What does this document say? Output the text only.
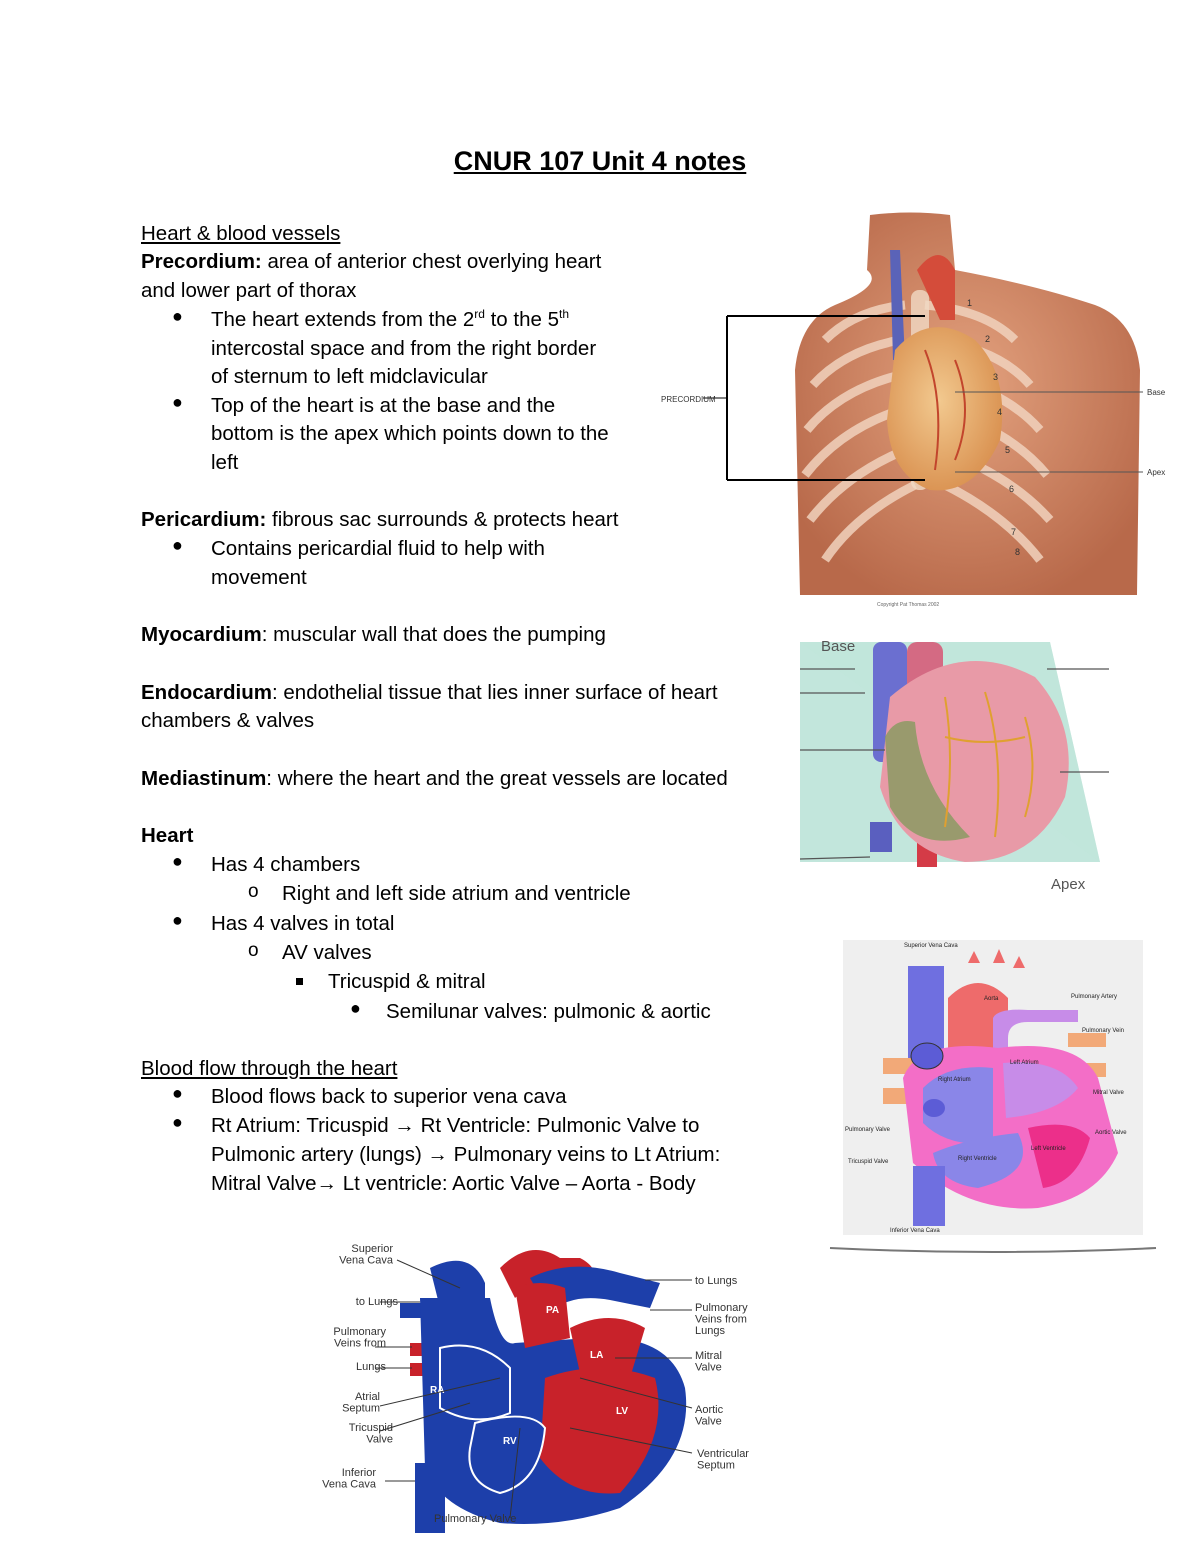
CNUR 107 Unit 4 notes
Heart & blood vessels
Precordium: area of anterior chest overlying heart
and lower part of thorax
● The heart extends from the 2rd to the 5th
intercostal space and from the right border
of sternum to left midclavicular
● Top of the heart is at the base and the
bottom is the apex which points down to the
left
Pericardium: fibrous sac surrounds & protects heart
● Contains pericardial fluid to help with
movement
Myocardium: muscular wall that does the pumping
Endocardium: endothelial tissue that lies inner surface of heart
chambers & valves
Mediastinum: where the heart and the great vessels are located
Heart
● Has 4 chambers
o Right and left side atrium and ventricle
● Has 4 valves in total
o AV valves
Tricuspid & mitral
● Semilunar valves: pulmonic & aortic
Blood flow through the heart
● Blood flows back to superior vena cava
● Rt Atrium: Tricuspid → Rt Ventricle: Pulmonic Valve to
Pulmonic artery (lungs) → Pulmonary veins to Lt Atrium:
Mitral Valve→ Lt ventricle: Aortic Valve – Aorta - Body
PRECORDIUM
Base
Apex
1
2
3
4
5
6
7
8
Copyright Pat Thomas 2002
Base
Apex
Superior Vena Cava
Aorta	Pulmonary Artery
Pulmonary Vein
Left Atrium
Right Atrium
Mitral Valve
Aortic Valve
Pulmonary Valve
Left Ventricle
Tricuspid Valve	Right Ventricle
Inferior Vena Cava
AO
PA
LA
RA
RV
LV
Superior Vena Cava
to Lungs
Pulmonary Veins from
Lungs
Atrial Septum
Tricuspid Valve
Inferior Vena Cava
Pulmonary Valve
to Lungs
Pulmonary Veins from Lungs
Mitral Valve
Aortic Valve
Ventricular Septum
